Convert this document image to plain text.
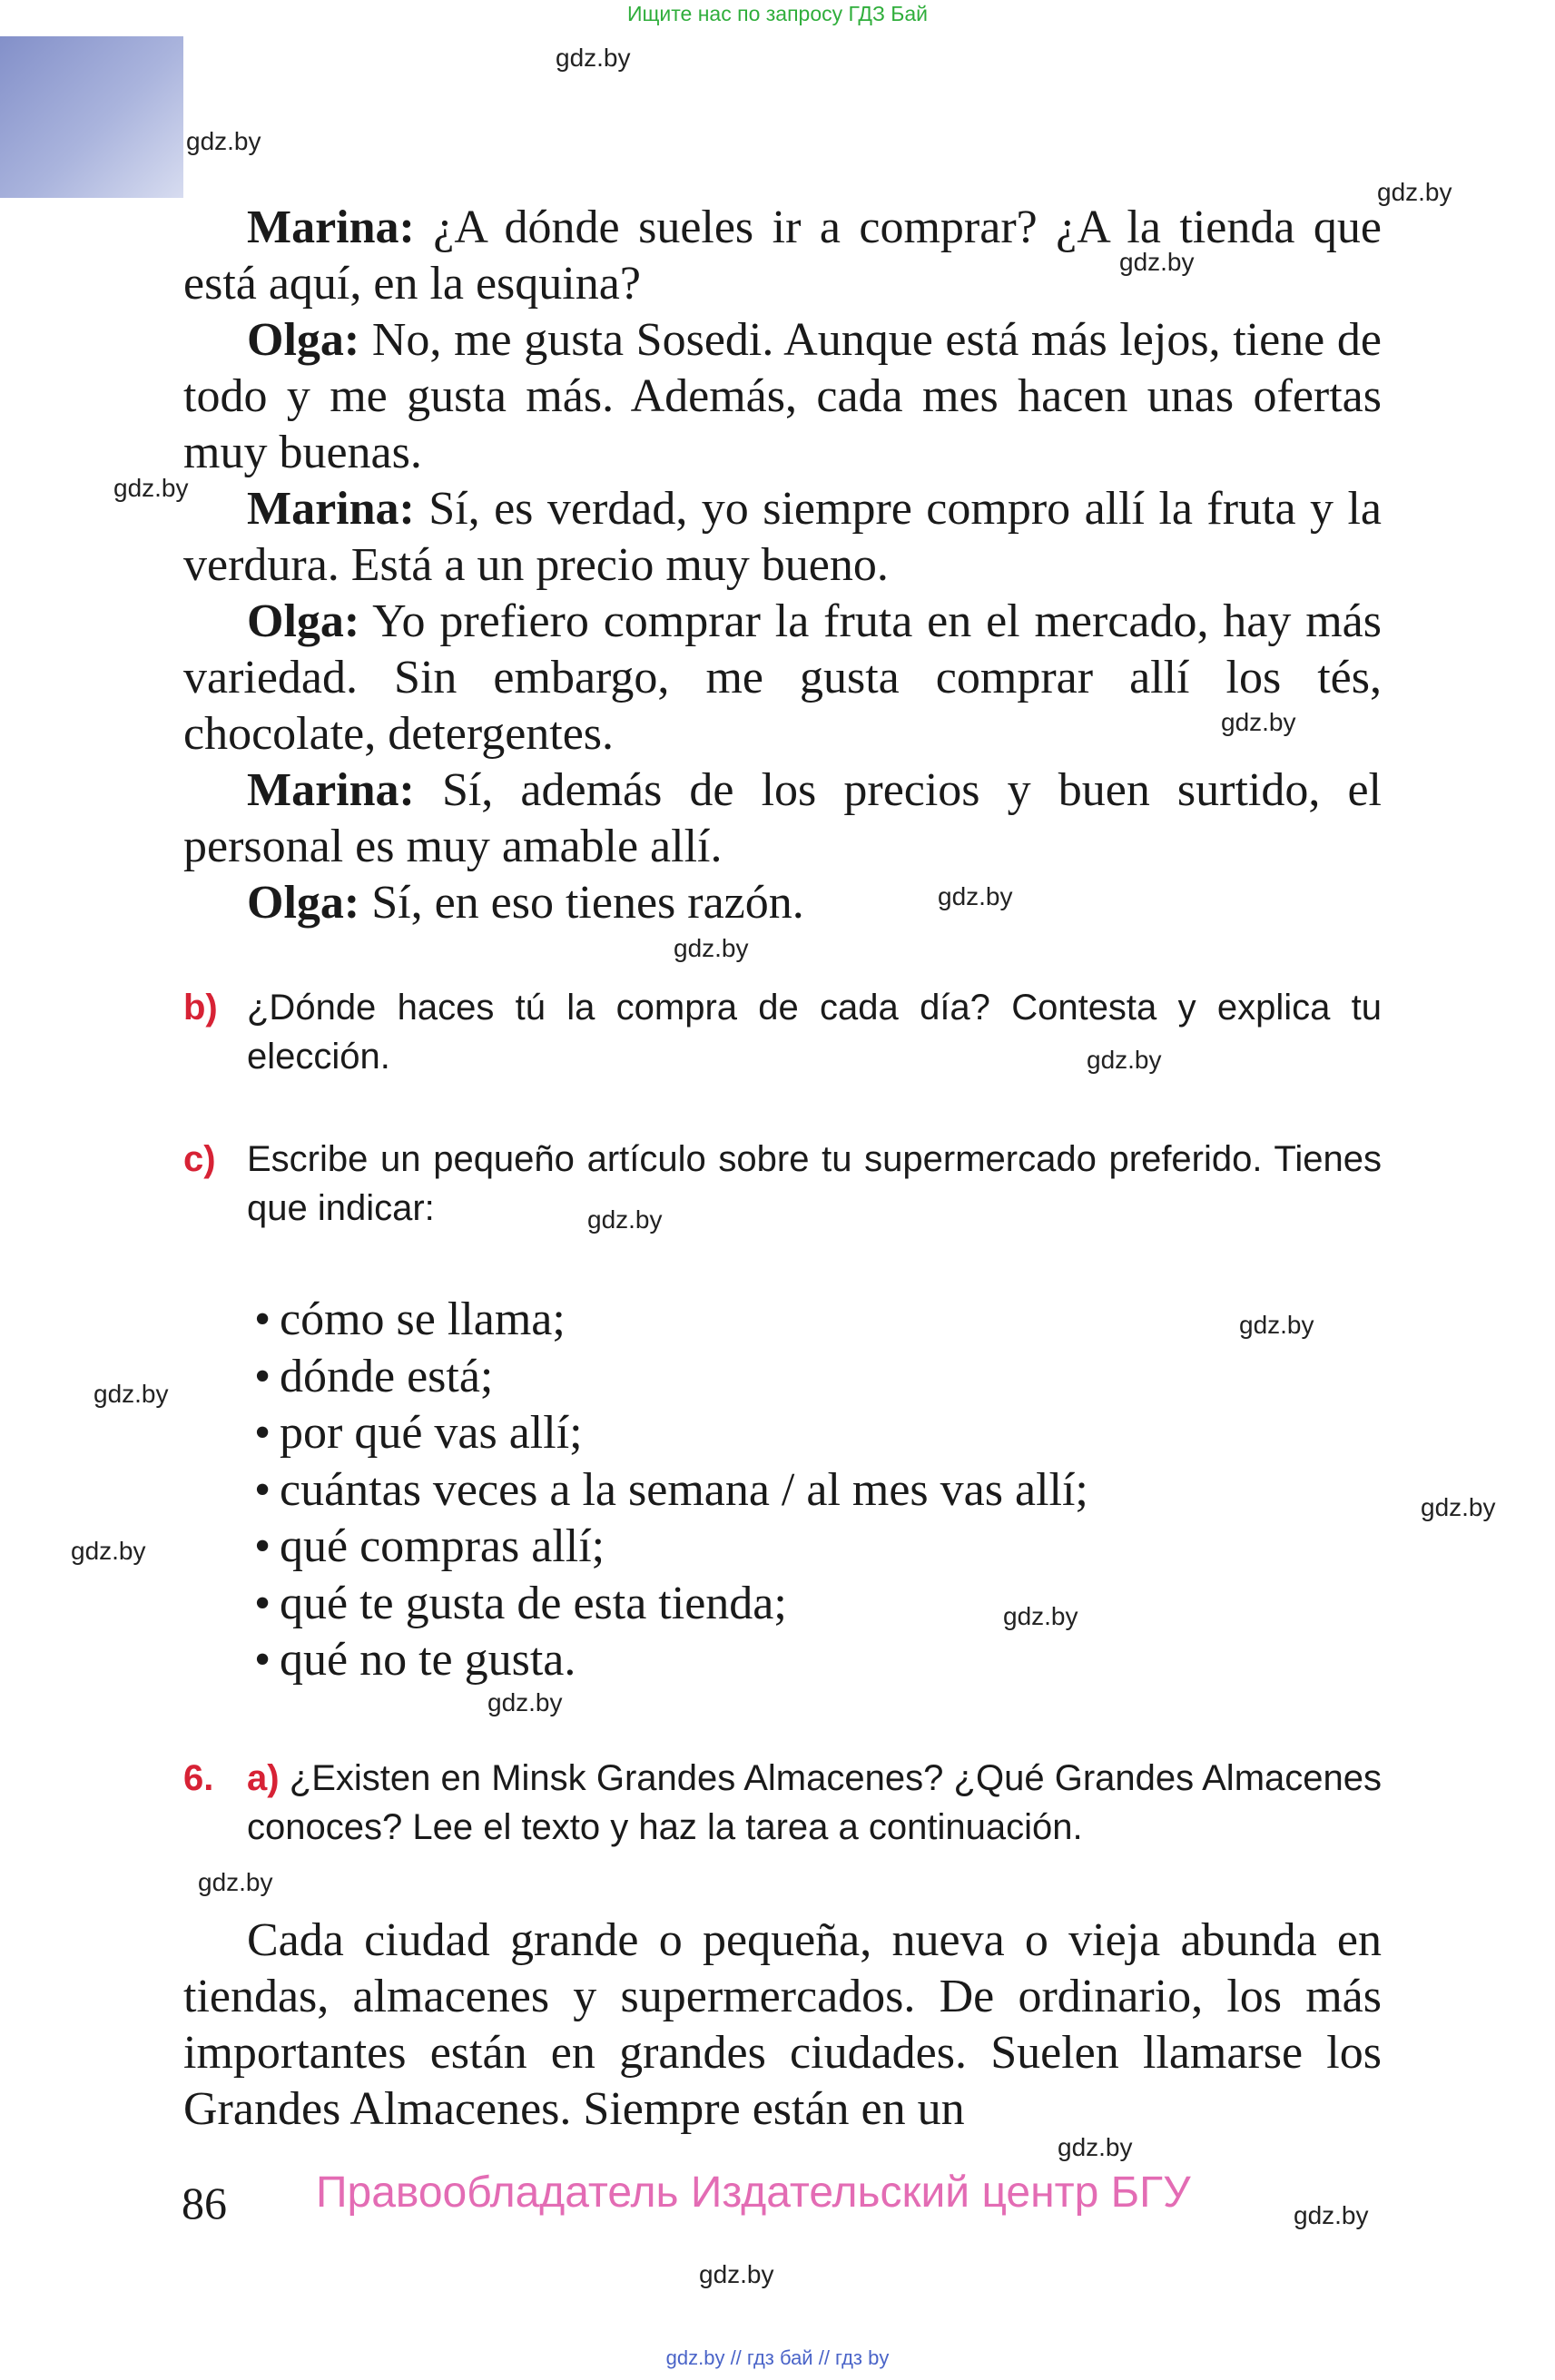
Ищите нас по запросу ГДЗ Бай
gdz.by
gdz.by
gdz.by
gdz.by
gdz.by
gdz.by
gdz.by
gdz.by
gdz.by
gdz.by
gdz.by
gdz.by
gdz.by
gdz.by
gdz.by
gdz.by
gdz.by
gdz.by
gdz.by
gdz.by

Marina: ¿A dónde sueles ir a comprar? ¿A la tienda que está aquí, en la esquina?

Olga: No, me gusta Sosedi. Aunque está más lejos, tiene de todo y me gusta más. Además, cada mes hacen unas ofertas muy buenas.

Marina: Sí, es verdad, yo siempre compro allí la fruta y la verdura. Está a un precio muy bueno.

Olga: Yo prefiero comprar la fruta en el mercado, hay más variedad. Sin embargo, me gusta comprar allí los tés, chocolate, detergentes.

Marina: Sí, además de los precios y buen surtido, el personal es muy amable allí.

Olga: Sí, en eso tienes razón.

b) ¿Dónde haces tú la compra de cada día? Contesta y explica tu elección.
c) Escribe un pequeño artículo sobre tu supermercado preferido. Tienes que indicar:
• cómo se llama;
• dónde está;
• por qué vas allí;
• cuántas veces a la semana / al mes vas allí;
• qué compras allí;
• qué te gusta de esta tienda;
• qué no te gusta.
6. a) ¿Existen en Minsk Grandes Almacenes? ¿Qué Grandes Almacenes conoces? Lee el texto y haz la tarea a continuación.

Cada ciudad grande o pequeña, nueva o vieja abunda en tiendas, almacenes y supermercados. De ordinario, los más importantes están en grandes ciudades. Suelen llamarse los Grandes Almacenes. Siempre están en un

86 Правообладатель Издательский центр БГУ
gdz.by // гдз бай // гдз by
